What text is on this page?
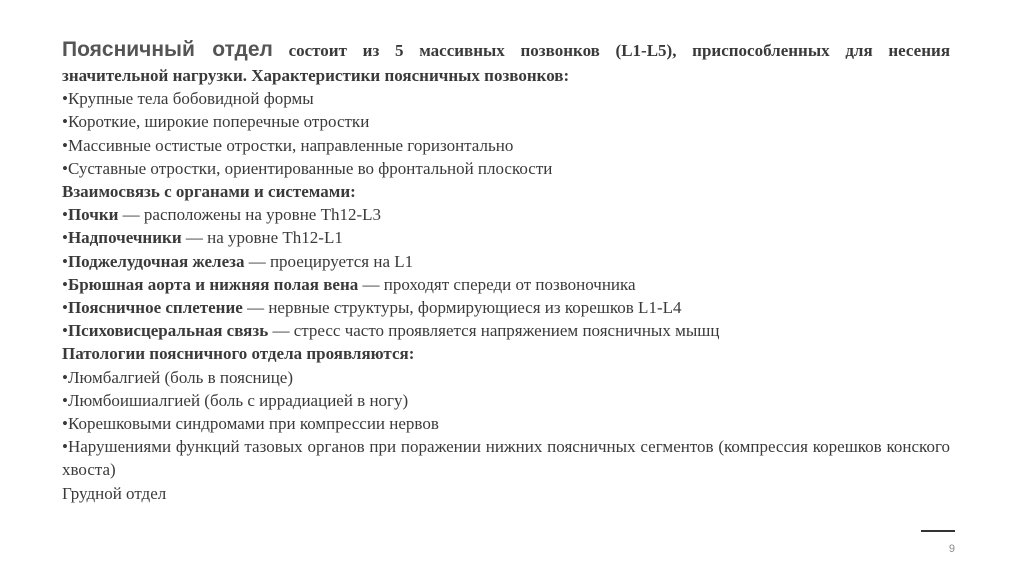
Поясничный отдел состоит из 5 массивных позвонков (L1-L5), приспособленных для несения

значительной нагрузки. Характеристики поясничных позвонков:

•Крупные тела бобовидной формы

•Короткие, широкие поперечные отростки

•Массивные остистые отростки, направленные горизонтально

•Суставные отростки, ориентированные во фронтальной плоскости

Взаимосвязь с органами и системами:

•Почки — расположены на уровне Th12-L3

•Надпочечники — на уровне Th12-L1

•Поджелудочная железа — проецируется на L1

•Брюшная аорта и нижняя полая вена — проходят спереди от позвоночника

•Поясничное сплетение — нервные структуры, формирующиеся из корешков L1-L4

•Психовисцеральная связь — стресс часто проявляется напряжением поясничных мышц

Патологии поясничного отдела проявляются:

•Люмбалгией (боль в пояснице)

•Люмбоишиалгией (боль с иррадиацией в ногу)

•Корешковыми синдромами при компрессии нервов

•Нарушениями функций тазовых органов при поражении нижних поясничных сегментов (компрессия корешков конского хвоста)

Грудной отдел

9
